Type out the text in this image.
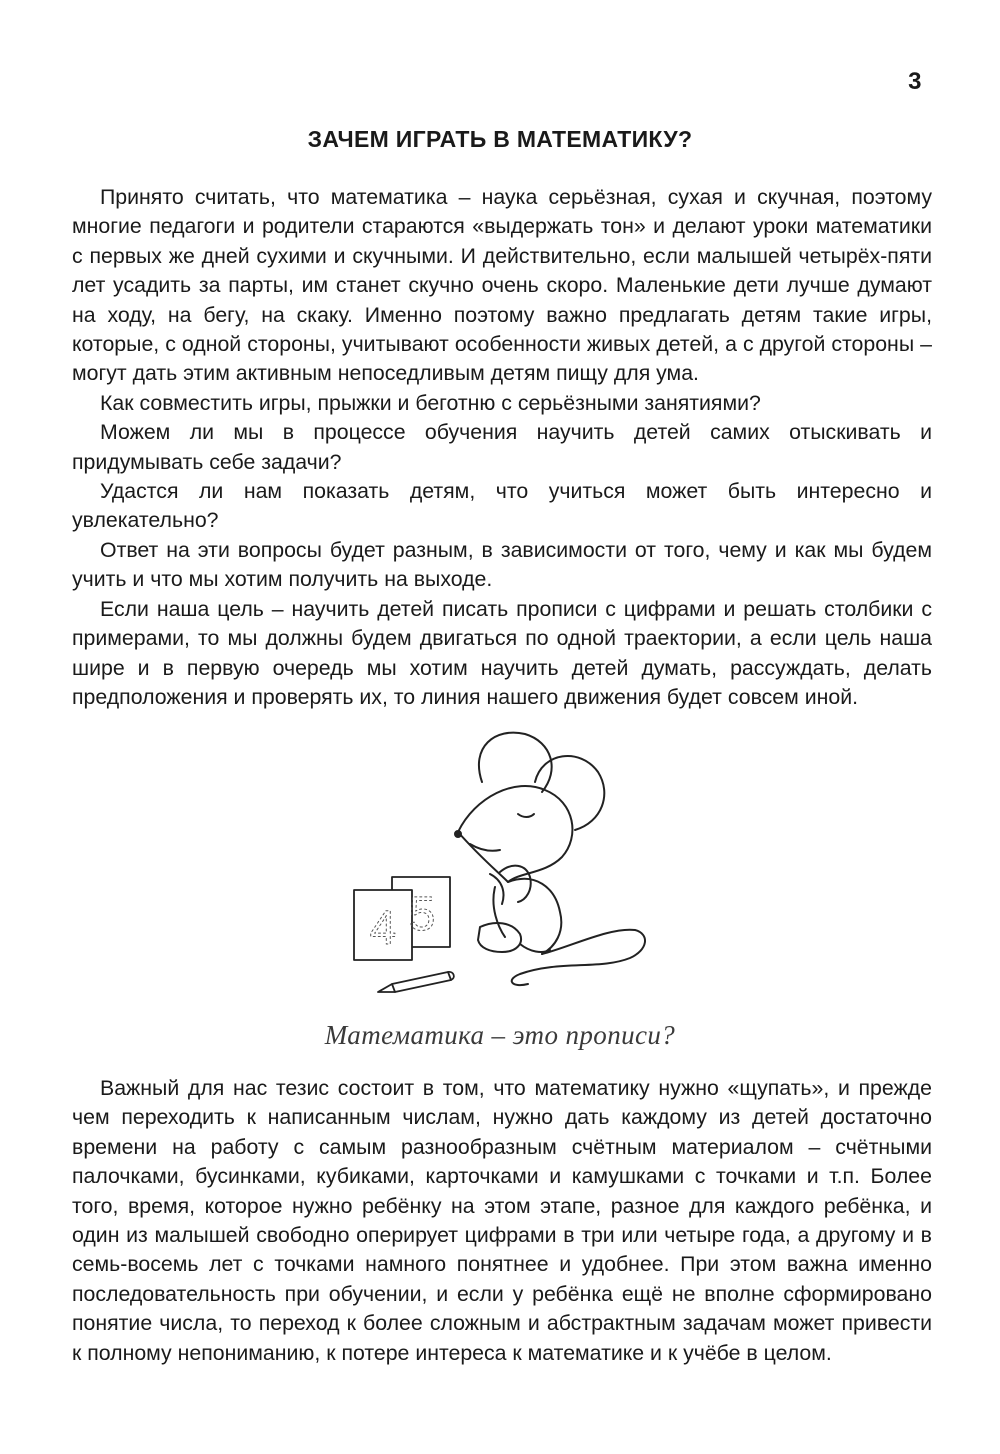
3
ЗАЧЕМ ИГРАТЬ В МАТЕМАТИКУ?

Принято считать, что математика – наука серьёзная, сухая и скучная, поэтому многие педагоги и родители стараются «выдержать тон» и делают уроки математики с первых же дней сухими и скучными. И действительно, если малышей четырёх-пяти лет усадить за парты, им станет скучно очень скоро. Маленькие дети лучше думают на ходу, на бегу, на скаку. Именно поэтому важно предлагать детям такие игры, которые, с одной стороны, учитывают особенности живых детей, а с другой стороны – могут дать этим активным непоседливым детям пищу для ума.

Как совместить игры, прыжки и беготню с серьёзными занятиями?

Можем ли мы в процессе обучения научить детей самих отыскивать и придумывать себе задачи?

Удастся ли нам показать детям, что учиться может быть интересно и увлекательно?

Ответ на эти вопросы будет разным, в зависимости от того, чему и как мы будем учить и что мы хотим получить на выходе.

Если наша цель – научить детей писать прописи с цифрами и решать столбики с примерами, то мы должны будем двигаться по одной траектории, а если цель наша шире и в первую очередь мы хотим научить детей думать, рассуждать, делать предположения и проверять их, то линия нашего движения будет совсем иной.

4 5
Математика – это прописи?

Важный для нас тезис состоит в том, что математику нужно «щупать», и прежде чем переходить к написанным числам, нужно дать каждому из детей достаточно времени на работу с самым разнообразным счётным материалом – счётными палочками, бусинками, кубиками, карточками и камушками с точками и т.п. Более того, время, которое нужно ребёнку на этом этапе, разное для каждого ребёнка, и один из малышей свободно оперирует цифрами в три или четыре года, а другому и в семь-восемь лет с точками намного понятнее и удобнее. При этом важна именно последовательность при обучении, и если у ребёнка ещё не вполне сформировано понятие числа, то переход к более сложным и абстрактным задачам может привести к полному непониманию, к потере интереса к математике и к учёбе в целом.
